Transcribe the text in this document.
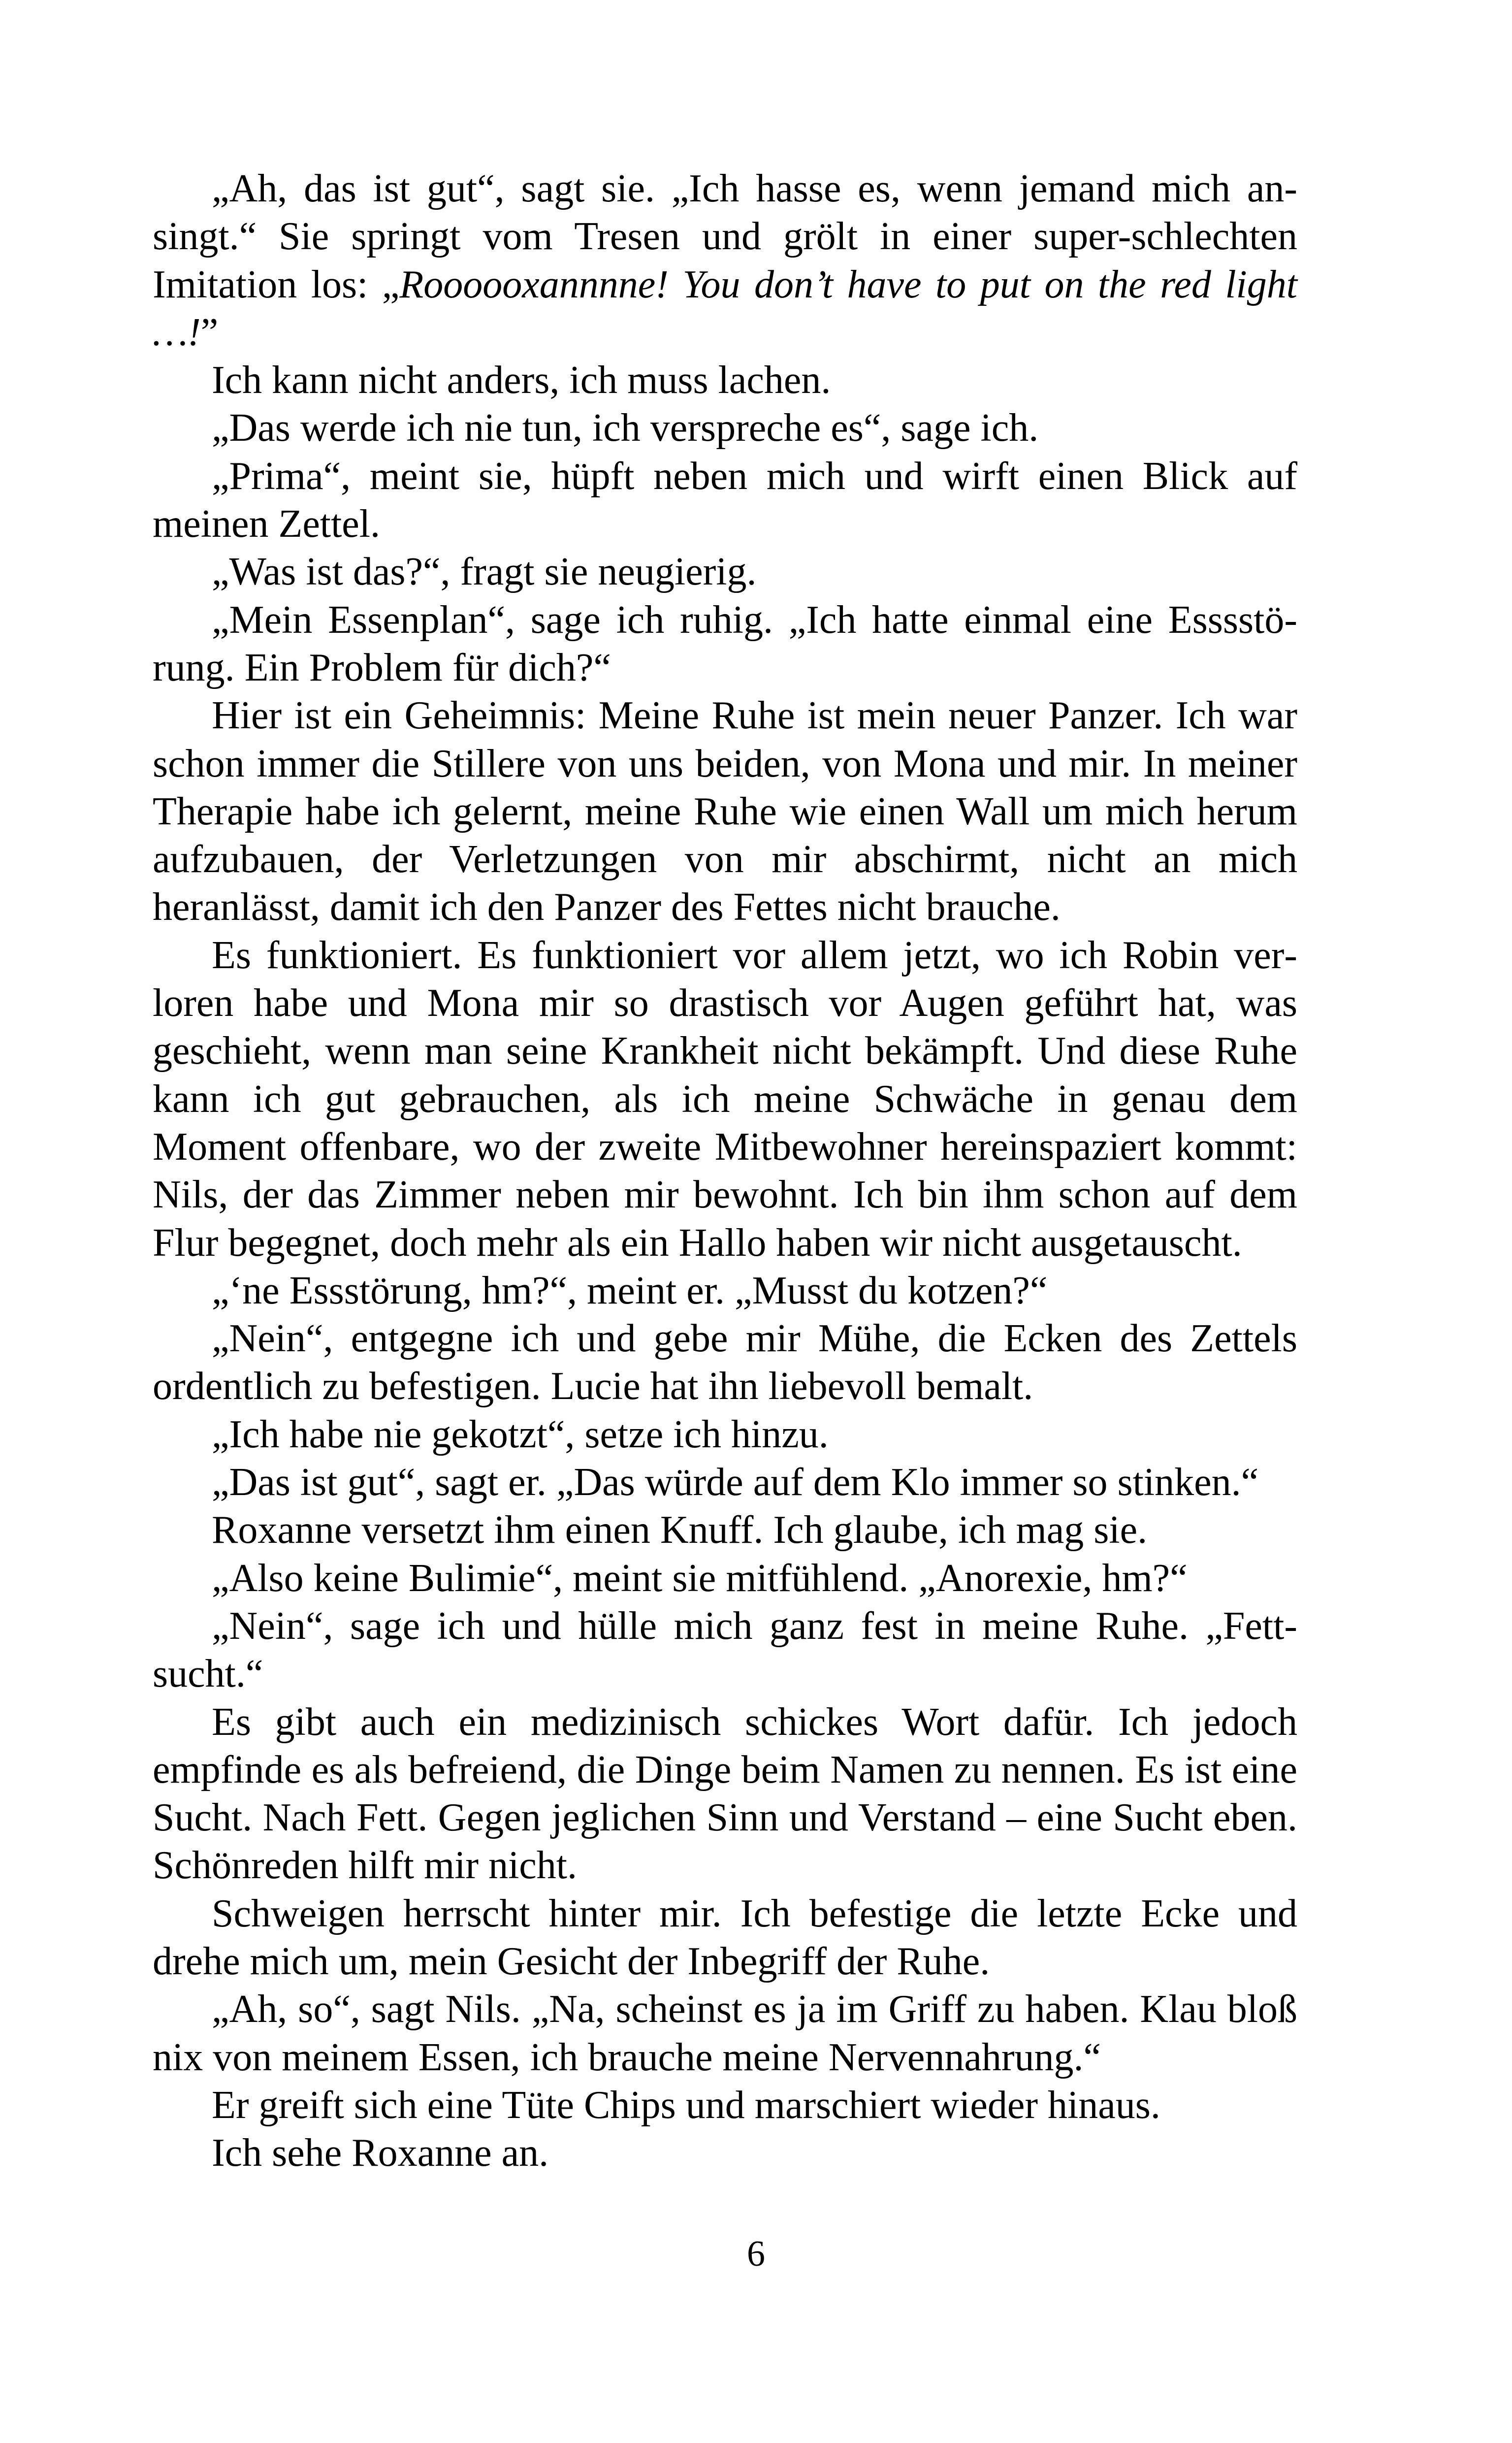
„Ah, das ist gut“, sagt sie. „Ich hasse es, wenn jemand mich ansingt.“ Sie springt vom Tresen und grölt in einer super-schlechten Imitation los: „Roooooxannnne! You don’t have to put on the red light …!”

Ich kann nicht anders, ich muss lachen.

„Das werde ich nie tun, ich verspreche es“, sage ich.

„Prima“, meint sie, hüpft neben mich und wirft einen Blick auf meinen Zettel.

„Was ist das?“, fragt sie neugierig.

„Mein Essenplan“, sage ich ruhig. „Ich hatte einmal eine Esssstörung. Ein Problem für dich?“

Hier ist ein Geheimnis: Meine Ruhe ist mein neuer Panzer. Ich war schon immer die Stillere von uns beiden, von Mona und mir. In meiner Therapie habe ich gelernt, meine Ruhe wie einen Wall um mich herum aufzubauen, der Verletzungen von mir abschirmt, nicht an mich heranlässt, damit ich den Panzer des Fettes nicht brauche.

Es funktioniert. Es funktioniert vor allem jetzt, wo ich Robin verloren habe und Mona mir so drastisch vor Augen geführt hat, was geschieht, wenn man seine Krankheit nicht bekämpft. Und diese Ruhe kann ich gut gebrauchen, als ich meine Schwäche in genau dem Moment offenbare, wo der zweite Mitbewohner hereinspaziert kommt: Nils, der das Zimmer neben mir bewohnt. Ich bin ihm schon auf dem Flur begegnet, doch mehr als ein Hallo haben wir nicht ausgetauscht.

„‘ne Essstörung, hm?“, meint er. „Musst du kotzen?“

„Nein“, entgegne ich und gebe mir Mühe, die Ecken des Zettels ordentlich zu befestigen. Lucie hat ihn liebevoll bemalt.

„Ich habe nie gekotzt“, setze ich hinzu.

„Das ist gut“, sagt er. „Das würde auf dem Klo immer so stinken.“

Roxanne versetzt ihm einen Knuff. Ich glaube, ich mag sie.

„Also keine Bulimie“, meint sie mitfühlend. „Anorexie, hm?“

„Nein“, sage ich und hülle mich ganz fest in meine Ruhe. „Fettsucht.“

Es gibt auch ein medizinisch schickes Wort dafür. Ich jedoch empfinde es als befreiend, die Dinge beim Namen zu nennen. Es ist eine Sucht. Nach Fett. Gegen jeglichen Sinn und Verstand – eine Sucht eben. Schönreden hilft mir nicht.

Schweigen herrscht hinter mir. Ich befestige die letzte Ecke und drehe mich um, mein Gesicht der Inbegriff der Ruhe.

„Ah, so“, sagt Nils. „Na, scheinst es ja im Griff zu haben. Klau bloß nix von meinem Essen, ich brauche meine Nervennahrung.“

Er greift sich eine Tüte Chips und marschiert wieder hinaus.

Ich sehe Roxanne an.

6
